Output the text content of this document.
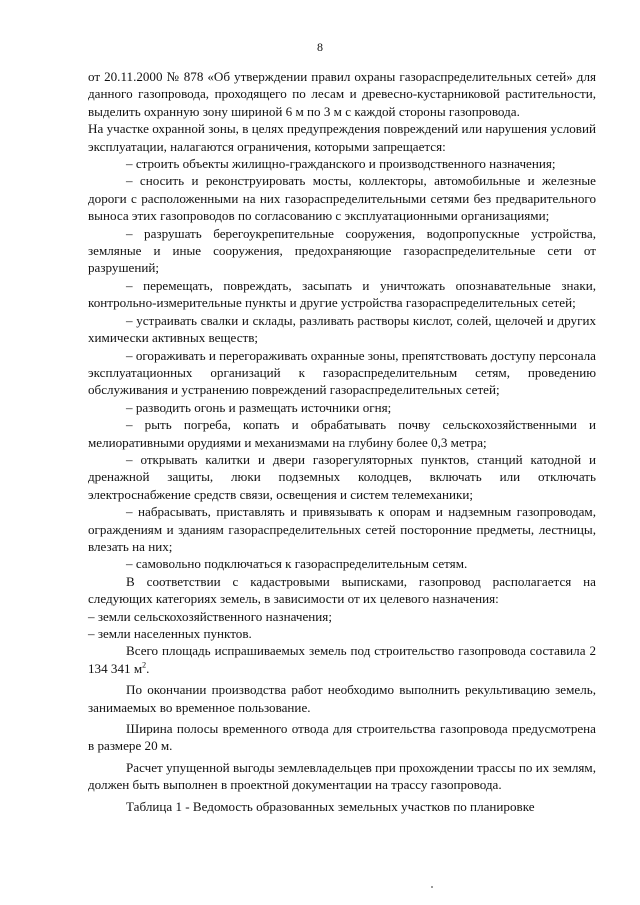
8

от 20.11.2000 № 878 «Об утверждении правил охраны газораспределительных сетей» для данного газопровода, проходящего по лесам и древесно-кустарниковой растительности, выделить охранную зону шириной 6 м по 3 м с каждой стороны газопровода.

На участке охранной зоны, в целях предупреждения повреждений или нарушения условий эксплуатации, налагаются ограничения, которыми запрещается:

– строить объекты жилищно-гражданского и производственного назначения;

– сносить и реконструировать мосты, коллекторы, автомобильные и железные дороги с расположенными на них газораспределительными сетями без предварительного выноса этих газопроводов по согласованию с эксплуатационными организациями;

– разрушать берегоукрепительные сооружения, водопропускные устройства, земляные и иные сооружения, предохраняющие газораспределительные сети от разрушений;

– перемещать, повреждать, засыпать и уничтожать опознавательные знаки, контрольно-измерительные пункты и другие устройства газораспределительных сетей;

– устраивать свалки и склады, разливать растворы кислот, солей, щелочей и других химически активных веществ;

– огораживать и перегораживать охранные зоны, препятствовать доступу персонала эксплуатационных организаций к газораспределительным сетям, проведению обслуживания и устранению повреждений газораспределительных сетей;

– разводить огонь и размещать источники огня;

– рыть погреба, копать и обрабатывать почву сельскохозяйственными и мелиоративными орудиями и механизмами на глубину более 0,3 метра;

– открывать калитки и двери газорегуляторных пунктов, станций катодной и дренажной защиты, люки подземных колодцев, включать или отключать электроснабжение средств связи, освещения и систем телемеханики;

– набрасывать, приставлять и привязывать к опорам и надземным газопроводам, ограждениям и зданиям газораспределительных сетей посторонние предметы, лестницы, влезать на них;

– самовольно подключаться к газораспределительным сетям.

В соответствии с кадастровыми выписками, газопровод располагается на следующих категориях земель, в зависимости от их целевого назначения:

– земли сельскохозяйственного назначения;

– земли населенных пунктов.

Всего площадь испрашиваемых земель под строительство газопровода составила 2 134 341 $м^2$.

По окончании производства работ необходимо выполнить рекультивацию земель, занимаемых во временное пользование.

Ширина полосы временного отвода для строительства газопровода предусмотрена в размере 20 м.

Расчет упущенной выгоды землевладельцев при прохождении трассы по их землям, должен быть выполнен в проектной документации на трассу газопровода.

Таблица 1 - Ведомость образованных земельных участков по планировке
